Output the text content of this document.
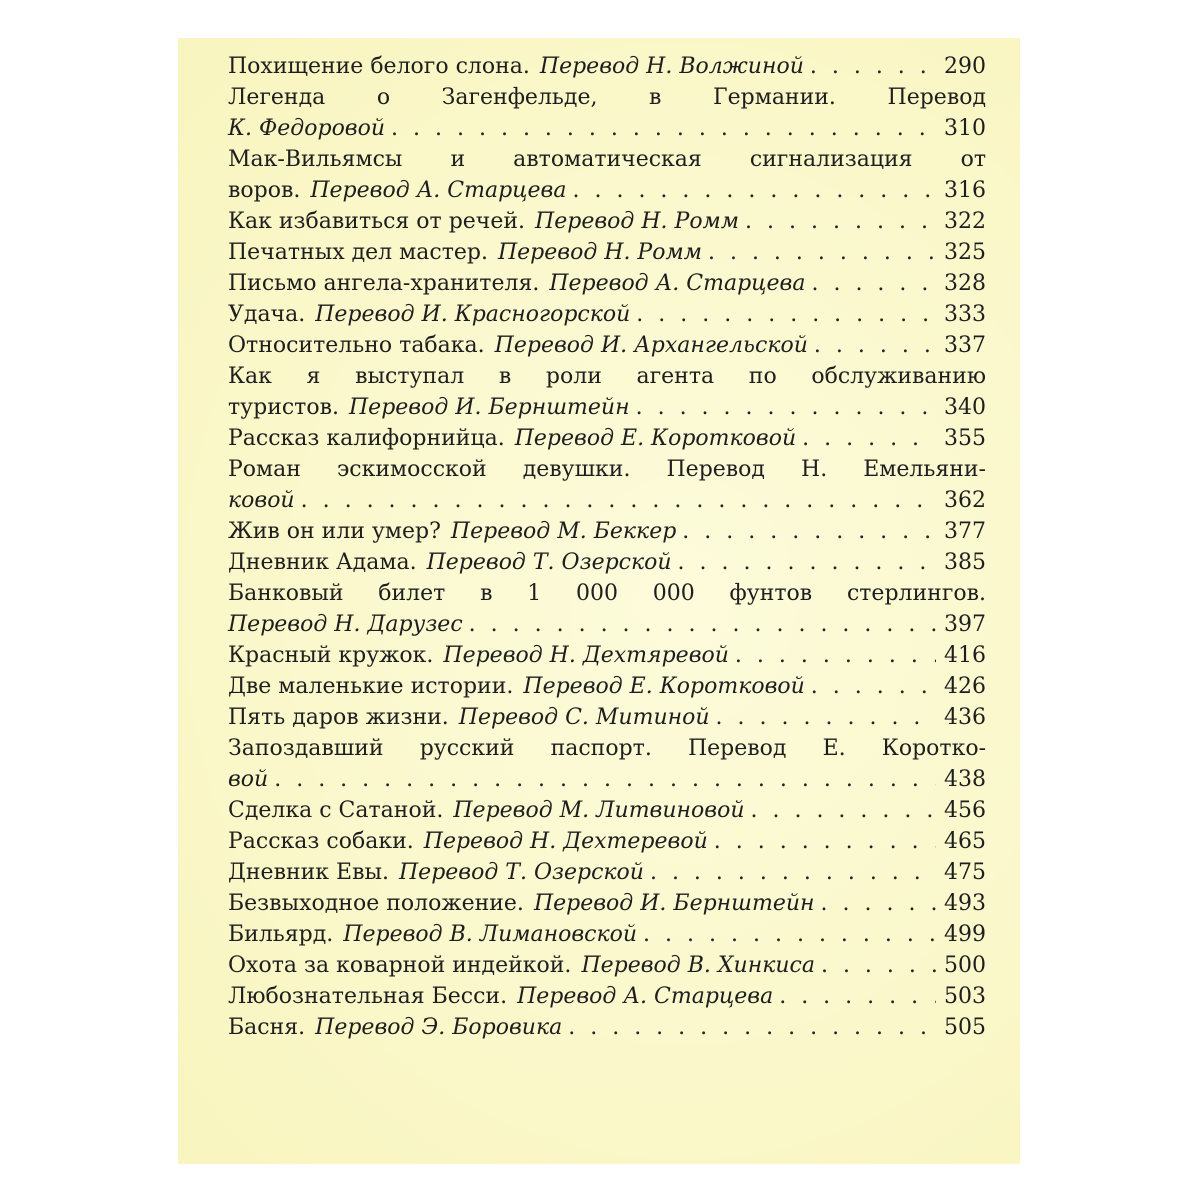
Похищение белого слона. Перевод Н. Волжиной . . .	290
Легенда о Загенфельде, в Германии. Перевод
К. Федоровой . . .	310
Мак-Вильямсы и автоматическая сигнализация от
воров. Перевод А. Старцева . . .	316
Как избавиться от речей. Перевод Н. Ромм . . .	322
Печатных дел мастер. Перевод Н. Ромм . . .	325
Письмо ангела-хранителя. Перевод А. Старцева . . .	328
Удача. Перевод И. Красногорской . . .	333
Относительно табака. Перевод И. Архангельской . . .	337
Как я выступал в роли агента по обслуживанию
туристов. Перевод И. Бернштейн . . .	340
Рассказ калифорнийца. Перевод Е. Коротковой . . .	355
Роман эскимосской девушки. Перевод Н. Емельяни-
ковой . . .	362
Жив он или умер? Перевод М. Беккер . . .	377
Дневник Адама. Перевод Т. Озерской . . .	385
Банковый билет в 1 000 000 фунтов стерлингов.
Перевод Н. Дарузес . . .	397
Красный кружок. Перевод Н. Дехтяревой . . .	416
Две маленькие истории. Перевод Е. Коротковой . . .	426
Пять даров жизни. Перевод С. Митиной . . .	436
Запоздавший русский паспорт. Перевод Е. Коротко-
вой . . .	438
Сделка с Сатаной. Перевод М. Литвиновой . . .	456
Рассказ собаки. Перевод Н. Дехтеревой . . .	465
Дневник Евы. Перевод Т. Озерской . . .	475
Безвыходное положение. Перевод И. Бернштейн . . .	493
Бильярд. Перевод В. Лимановской . . .	499
Охота за коварной индейкой. Перевод В. Хинкиса . . .	500
Любознательная Бесси. Перевод А. Старцева . . .	503
Басня. Перевод Э. Боровика . . .	505
